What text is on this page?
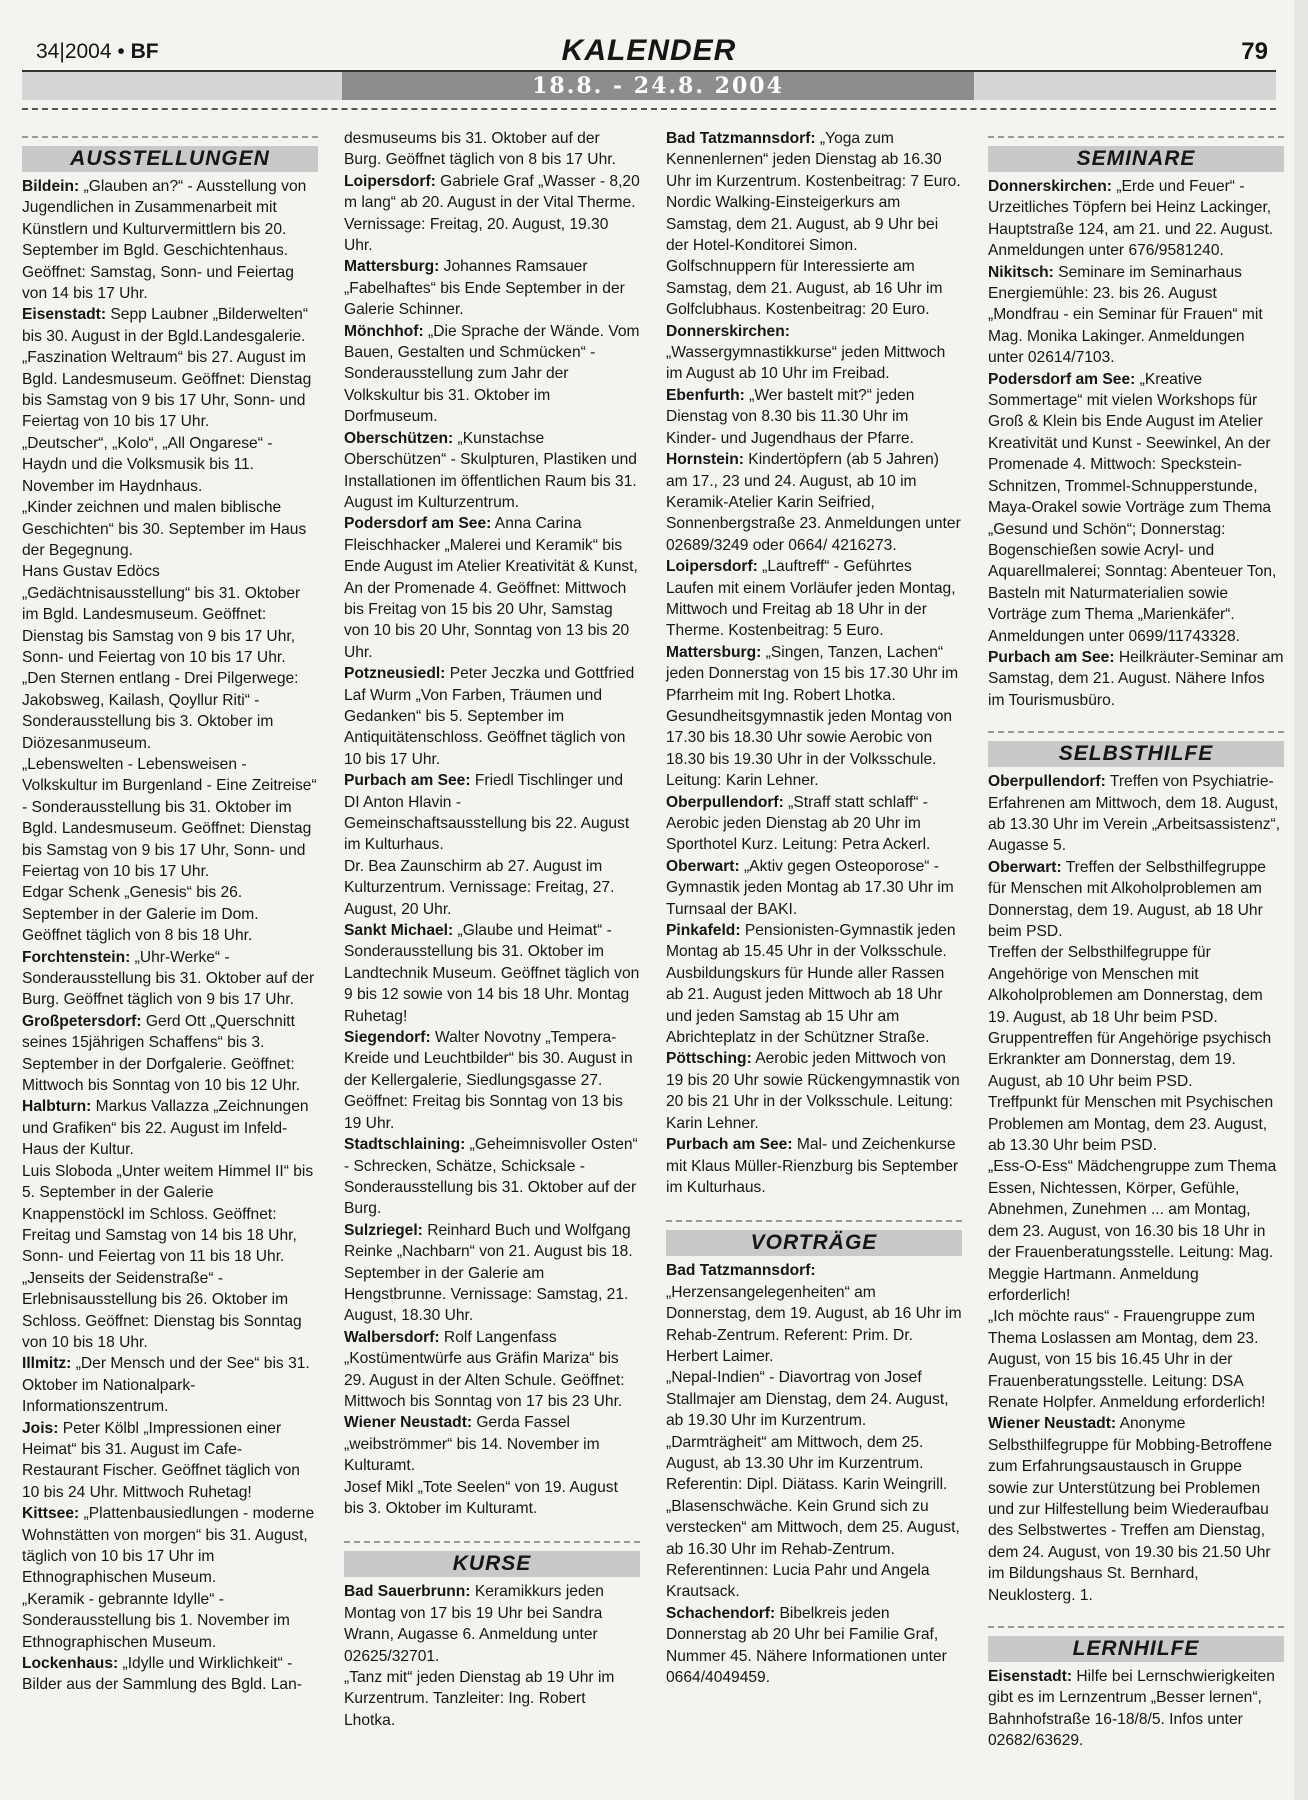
34|2004 • BF	KALENDER	79
18.8. - 24.8. 2004
AUSSTELLUNGEN

Bildein: „Glauben an?“ - Ausstellung von Jugendlichen in Zusammenarbeit mit Künstlern und Kulturvermittlern bis 20. September im Bgld. Geschichtenhaus. Geöffnet: Samstag, Sonn- und Feiertag von 14 bis 17 Uhr.

Eisenstadt: Sepp Laubner „Bilderwelten“ bis 30. August in der Bgld.Landesgalerie.

„Faszination Weltraum“ bis 27. August im Bgld. Landesmuseum. Geöffnet: Dienstag bis Samstag von 9 bis 17 Uhr, Sonn- und Feiertag von 10 bis 17 Uhr.

„Deutscher“, „Kolo“, „All Ongarese“ - Haydn und die Volksmusik bis 11. November im Haydnhaus.

„Kinder zeichnen und malen biblische Geschichten“ bis 30. September im Haus der Begegnung.

Hans Gustav Edöcs „Gedächtnisausstellung“ bis 31. Oktober im Bgld. Landesmuseum. Geöffnet: Dienstag bis Samstag von 9 bis 17 Uhr, Sonn- und Feiertag von 10 bis 17 Uhr.

„Den Sternen entlang - Drei Pilgerwege: Jakobsweg, Kailash, Qoyllur Riti“ - Sonderausstellung bis 3. Oktober im Diözesanmuseum.

„Lebenswelten - Lebensweisen - Volkskultur im Burgenland - Eine Zeitreise“ - Sonderausstellung bis 31. Oktober im Bgld. Landesmuseum. Geöffnet: Dienstag bis Samstag von 9 bis 17 Uhr, Sonn- und Feiertag von 10 bis 17 Uhr.

Edgar Schenk „Genesis“ bis 26. September in der Galerie im Dom. Geöffnet täglich von 8 bis 18 Uhr.

Forchtenstein: „Uhr-Werke“ - Sonderausstellung bis 31. Oktober auf der Burg. Geöffnet täglich von 9 bis 17 Uhr.

Großpetersdorf: Gerd Ott „Querschnitt seines 15jährigen Schaffens“ bis 3. September in der Dorfgalerie. Geöffnet: Mittwoch bis Sonntag von 10 bis 12 Uhr.

Halbturn: Markus Vallazza „Zeichnungen und Grafiken“ bis 22. August im Infeld-Haus der Kultur.

Luis Sloboda „Unter weitem Himmel II“ bis 5. September in der Galerie Knappenstöckl im Schloss. Geöffnet: Freitag und Samstag von 14 bis 18 Uhr, Sonn- und Feiertag von 11 bis 18 Uhr.

„Jenseits der Seidenstraße“ - Erlebnisausstellung bis 26. Oktober im Schloss. Geöffnet: Dienstag bis Sonntag von 10 bis 18 Uhr.

Illmitz: „Der Mensch und der See“ bis 31. Oktober im Nationalpark-Informationszentrum.

Jois: Peter Kölbl „Impressionen einer Heimat“ bis 31. August im Cafe-Restaurant Fischer. Geöffnet täglich von 10 bis 24 Uhr. Mittwoch Ruhetag!

Kittsee: „Plattenbausiedlungen - moderne Wohnstätten von morgen“ bis 31. August, täglich von 10 bis 17 Uhr im Ethnographischen Museum.

„Keramik - gebrannte Idylle“ - Sonderausstellung bis 1. November im Ethnographischen Museum.

Lockenhaus: „Idylle und Wirklichkeit“ - Bilder aus der Sammlung des Bgld. Lan-

desmuseums bis 31. Oktober auf der Burg. Geöffnet täglich von 8 bis 17 Uhr.

Loipersdorf: Gabriele Graf „Wasser - 8,20 m lang“ ab 20. August in der Vital Therme. Vernissage: Freitag, 20. August, 19.30 Uhr.

Mattersburg: Johannes Ramsauer „Fabelhaftes“ bis Ende September in der Galerie Schinner.

Mönchhof: „Die Sprache der Wände. Vom Bauen, Gestalten und Schmücken“ - Sonderausstellung zum Jahr der Volkskultur bis 31. Oktober im Dorfmuseum.

Oberschützen: „Kunstachse Oberschützen“ - Skulpturen, Plastiken und Installationen im öffentlichen Raum bis 31. August im Kulturzentrum.

Podersdorf am See: Anna Carina Fleischhacker „Malerei und Keramik“ bis Ende August im Atelier Kreativität & Kunst, An der Promenade 4. Geöffnet: Mittwoch bis Freitag von 15 bis 20 Uhr, Samstag von 10 bis 20 Uhr, Sonntag von 13 bis 20 Uhr.

Potzneusiedl: Peter Jeczka und Gottfried Laf Wurm „Von Farben, Träumen und Gedanken“ bis 5. September im Antiquitätenschloss. Geöffnet täglich von 10 bis 17 Uhr.

Purbach am See: Friedl Tischlinger und DI Anton Hlavin - Gemeinschaftsausstellung bis 22. August im Kulturhaus.

Dr. Bea Zaunschirm ab 27. August im Kulturzentrum. Vernissage: Freitag, 27. August, 20 Uhr.

Sankt Michael: „Glaube und Heimat“ - Sonderausstellung bis 31. Oktober im Landtechnik Museum. Geöffnet täglich von 9 bis 12 sowie von 14 bis 18 Uhr. Montag Ruhetag!

Siegendorf: Walter Novotny „Tempera-Kreide und Leuchtbilder“ bis 30. August in der Kellergalerie, Siedlungsgasse 27. Geöffnet: Freitag bis Sonntag von 13 bis 19 Uhr.

Stadtschlaining: „Geheimnisvoller Osten“ - Schrecken, Schätze, Schicksale - Sonderausstellung bis 31. Oktober auf der Burg.

Sulzriegel: Reinhard Buch und Wolfgang Reinke „Nachbarn“ von 21. August bis 18. September in der Galerie am Hengstbrunne. Vernissage: Samstag, 21. August, 18.30 Uhr.

Walbersdorf: Rolf Langenfass „Kostümentwürfe aus Gräfin Mariza“ bis 29. August in der Alten Schule. Geöffnet: Mittwoch bis Sonntag von 17 bis 23 Uhr.

Wiener Neustadt: Gerda Fassel „weibströmmer“ bis 14. November im Kulturamt.

Josef Mikl „Tote Seelen“ von 19. August bis 3. Oktober im Kulturamt.

KURSE

Bad Sauerbrunn: Keramikkurs jeden Montag von 17 bis 19 Uhr bei Sandra Wrann, Augasse 6. Anmeldung unter 02625/32701.

„Tanz mit“ jeden Dienstag ab 19 Uhr im Kurzentrum. Tanzleiter: Ing. Robert Lhotka.

Bad Tatzmannsdorf: „Yoga zum Kennenlernen“ jeden Dienstag ab 16.30 Uhr im Kurzentrum. Kostenbeitrag: 7 Euro.

Nordic Walking-Einsteigerkurs am Samstag, dem 21. August, ab 9 Uhr bei der Hotel-Konditorei Simon.

Golfschnuppern für Interessierte am Samstag, dem 21. August, ab 16 Uhr im Golfclubhaus. Kostenbeitrag: 20 Euro.

Donnerskirchen: „Wassergymnastikkurse“ jeden Mittwoch im August ab 10 Uhr im Freibad.

Ebenfurth: „Wer bastelt mit?“ jeden Dienstag von 8.30 bis 11.30 Uhr im Kinder- und Jugendhaus der Pfarre.

Hornstein: Kindertöpfern (ab 5 Jahren) am 17., 23 und 24. August, ab 10 im Keramik-Atelier Karin Seifried, Sonnenbergstraße 23. Anmeldungen unter 02689/3249 oder 0664/ 4216273.

Loipersdorf: „Lauftreff“ - Geführtes Laufen mit einem Vorläufer jeden Montag, Mittwoch und Freitag ab 18 Uhr in der Therme. Kostenbeitrag: 5 Euro.

Mattersburg: „Singen, Tanzen, Lachen“ jeden Donnerstag von 15 bis 17.30 Uhr im Pfarrheim mit Ing. Robert Lhotka.

Gesundheitsgymnastik jeden Montag von 17.30 bis 18.30 Uhr sowie Aerobic von 18.30 bis 19.30 Uhr in der Volksschule. Leitung: Karin Lehner.

Oberpullendorf: „Straff statt schlaff“ - Aerobic jeden Dienstag ab 20 Uhr im Sporthotel Kurz. Leitung: Petra Ackerl.

Oberwart: „Aktiv gegen Osteoporose“ - Gymnastik jeden Montag ab 17.30 Uhr im Turnsaal der BAKI.

Pinkafeld: Pensionisten-Gymnastik jeden Montag ab 15.45 Uhr in der Volksschule.

Ausbildungskurs für Hunde aller Rassen ab 21. August jeden Mittwoch ab 18 Uhr und jeden Samstag ab 15 Uhr am Abrichteplatz in der Schützner Straße.

Pöttsching: Aerobic jeden Mittwoch von 19 bis 20 Uhr sowie Rückengymnastik von 20 bis 21 Uhr in der Volksschule. Leitung: Karin Lehner.

Purbach am See: Mal- und Zeichenkurse mit Klaus Müller-Rienzburg bis September im Kulturhaus.

VORTRÄGE

Bad Tatzmannsdorf: „Herzensangelegenheiten“ am Donnerstag, dem 19. August, ab 16 Uhr im Rehab-Zentrum. Referent: Prim. Dr. Herbert Laimer.

„Nepal-Indien“ - Diavortrag von Josef Stallmajer am Dienstag, dem 24. August, ab 19.30 Uhr im Kurzentrum.

„Darmträgheit“ am Mittwoch, dem 25. August, ab 13.30 Uhr im Kurzentrum. Referentin: Dipl. Diätass. Karin Weingrill.

„Blasenschwäche. Kein Grund sich zu verstecken“ am Mittwoch, dem 25. August, ab 16.30 Uhr im Rehab-Zentrum. Referentinnen: Lucia Pahr und Angela Krautsack.

Schachendorf: Bibelkreis jeden Donnerstag ab 20 Uhr bei Familie Graf, Nummer 45. Nähere Informationen unter 0664/4049459.

SEMINARE

Donnerskirchen: „Erde und Feuer“ - Urzeitliches Töpfern bei Heinz Lackinger, Hauptstraße 124, am 21. und 22. August. Anmeldungen unter 676/9581240.

Nikitsch: Seminare im Seminarhaus Energiemühle: 23. bis 26. August „Mondfrau - ein Seminar für Frauen“ mit Mag. Monika Lakinger. Anmeldungen unter 02614/7103.

Podersdorf am See: „Kreative Sommertage“ mit vielen Workshops für Groß & Klein bis Ende August im Atelier Kreativität und Kunst - Seewinkel, An der Promenade 4. Mittwoch: Speckstein-Schnitzen, Trommel-Schnupperstunde, Maya-Orakel sowie Vorträge zum Thema „Gesund und Schön“; Donnerstag: Bogenschießen sowie Acryl- und Aquarellmalerei; Sonntag: Abenteuer Ton, Basteln mit Naturmaterialien sowie Vorträge zum Thema „Marienkäfer“. Anmeldungen unter 0699/11743328.

Purbach am See: Heilkräuter-Seminar am Samstag, dem 21. August. Nähere Infos im Tourismusbüro.

SELBSTHILFE

Oberpullendorf: Treffen von Psychiatrie-Erfahrenen am Mittwoch, dem 18. August, ab 13.30 Uhr im Verein „Arbeitsassistenz“, Augasse 5.

Oberwart: Treffen der Selbsthilfegruppe für Menschen mit Alkoholproblemen am Donnerstag, dem 19. August, ab 18 Uhr beim PSD.

Treffen der Selbsthilfegruppe für Angehörige von Menschen mit Alkoholproblemen am Donnerstag, dem 19. August, ab 18 Uhr beim PSD.

Gruppentreffen für Angehörige psychisch Erkrankter am Donnerstag, dem 19. August, ab 10 Uhr beim PSD.

Treffpunkt für Menschen mit Psychischen Problemen am Montag, dem 23. August, ab 13.30 Uhr beim PSD.

„Ess-O-Ess“ Mädchengruppe zum Thema Essen, Nichtessen, Körper, Gefühle, Abnehmen, Zunehmen ... am Montag, dem 23. August, von 16.30 bis 18 Uhr in der Frauenberatungsstelle. Leitung: Mag. Meggie Hartmann. Anmeldung erforderlich!

„Ich möchte raus“ - Frauengruppe zum Thema Loslassen am Montag, dem 23. August, von 15 bis 16.45 Uhr in der Frauenberatungsstelle. Leitung: DSA Renate Holpfer. Anmeldung erforderlich!

Wiener Neustadt: Anonyme Selbsthilfegruppe für Mobbing-Betroffene zum Erfahrungsaustausch in Gruppe sowie zur Unterstützung bei Problemen und zur Hilfestellung beim Wiederaufbau des Selbstwertes - Treffen am Dienstag, dem 24. August, von 19.30 bis 21.50 Uhr im Bildungshaus St. Bernhard, Neuklosterg. 1.

LERNHILFE

Eisenstadt: Hilfe bei Lernschwierigkeiten gibt es im Lernzentrum „Besser lernen“, Bahnhofstraße 16-18/8/5. Infos unter 02682/63629.
